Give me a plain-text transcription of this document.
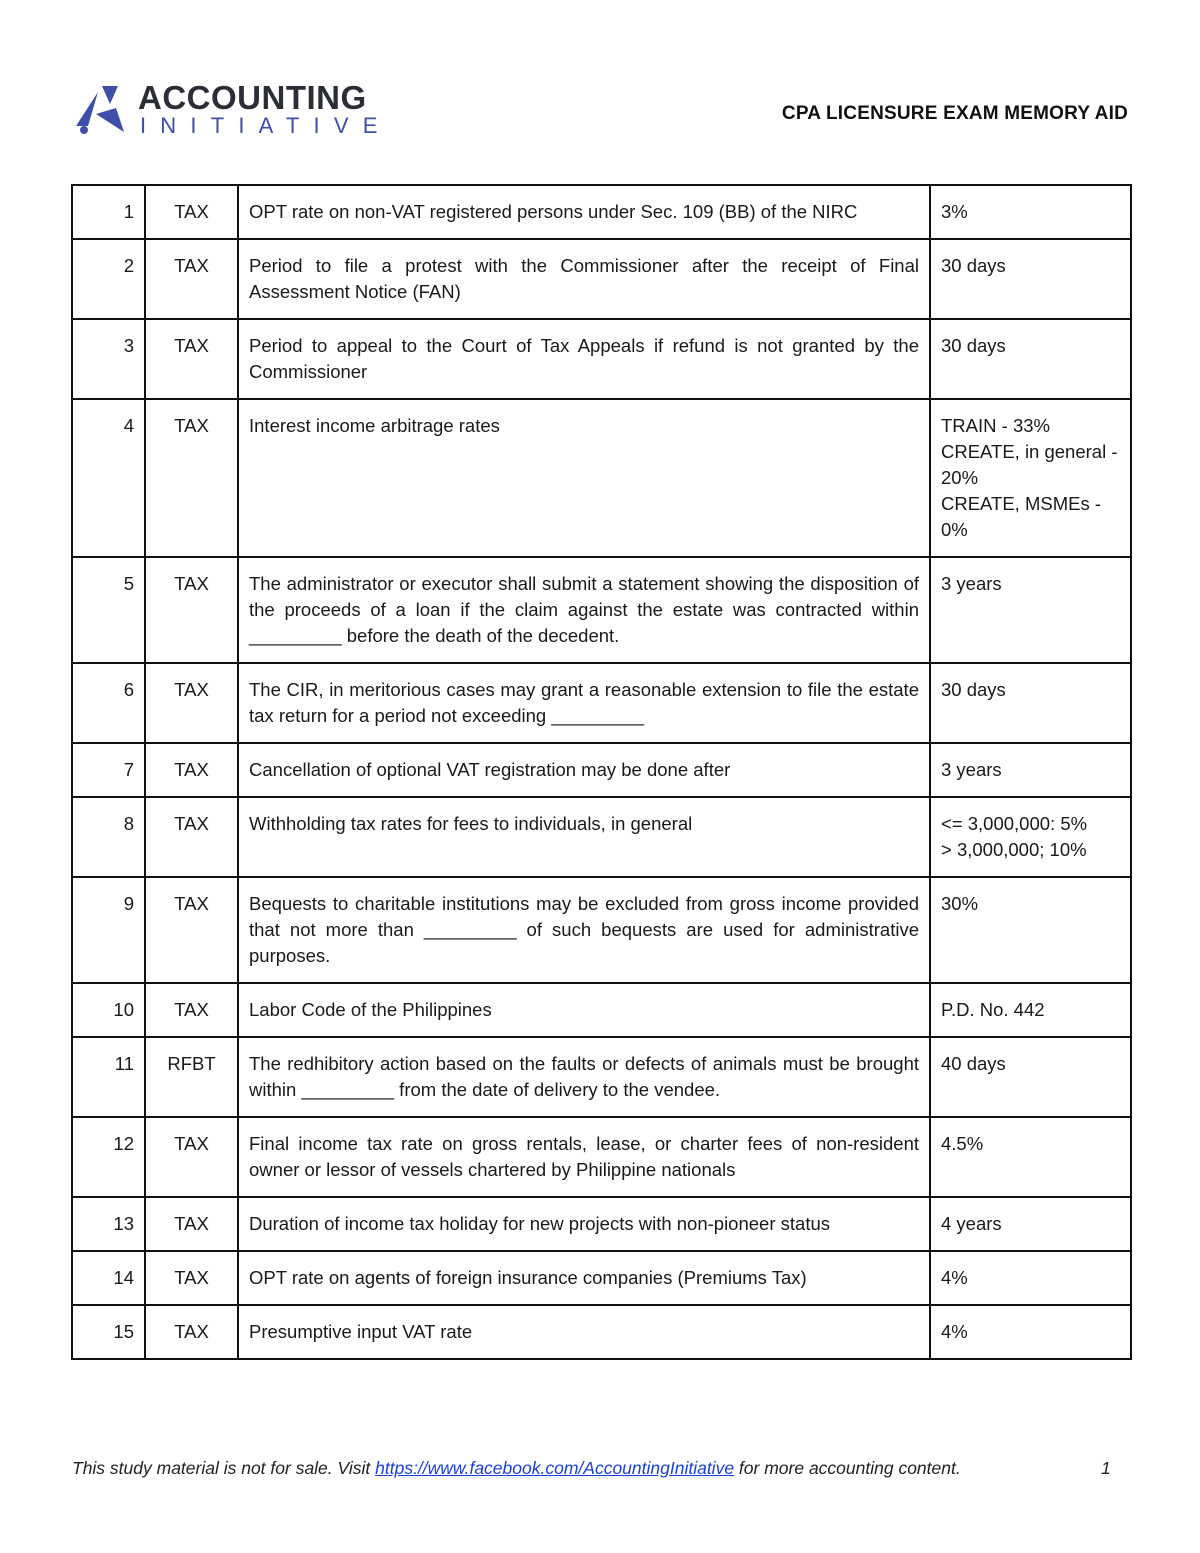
ACCOUNTING
INITIATIVE	CPA LICENSURE EXAM MEMORY AID
1	TAX	OPT rate on non-VAT registered persons under Sec. 109 (BB) of the NIRC	3%

2	TAX	Period to file a protest with the Commissioner after the receipt of Final Assessment Notice (FAN)	30 days

3	TAX	Period to appeal to the Court of Tax Appeals if refund is not granted by the Commissioner	30 days

4	TAX	Interest income arbitrage rates	TRAIN - 33%
CREATE, in general - 20%
CREATE, MSMEs - 0%

5	TAX	The administrator or executor shall submit a statement showing the disposition of the proceeds of a loan if the claim against the estate was contracted within _________ before the death of the decedent.	3 years

6	TAX	The CIR, in meritorious cases may grant a reasonable extension to file the estate tax return for a period not exceeding _________	30 days

7	TAX	Cancellation of optional VAT registration may be done after	3 years

8	TAX	Withholding tax rates for fees to individuals, in general	<= 3,000,000: 5%
> 3,000,000; 10%

9	TAX	Bequests to charitable institutions may be excluded from gross income provided that not more than _________ of such bequests are used for administrative purposes.	30%

10	TAX	Labor Code of the Philippines	P.D. No. 442

11	RFBT	The redhibitory action based on the faults or defects of animals must be brought within _________ from the date of delivery to the vendee.	40 days

12	TAX	Final income tax rate on gross rentals, lease, or charter fees of non-resident owner or lessor of vessels chartered by Philippine nationals	4.5%

13	TAX	Duration of income tax holiday for new projects with non-pioneer status	4 years

14	TAX	OPT rate on agents of foreign insurance companies (Premiums Tax)	4%

15	TAX	Presumptive input VAT rate	4%
This study material is not for sale. Visit https://www.facebook.com/AccountingInitiative for more accounting content.	1
